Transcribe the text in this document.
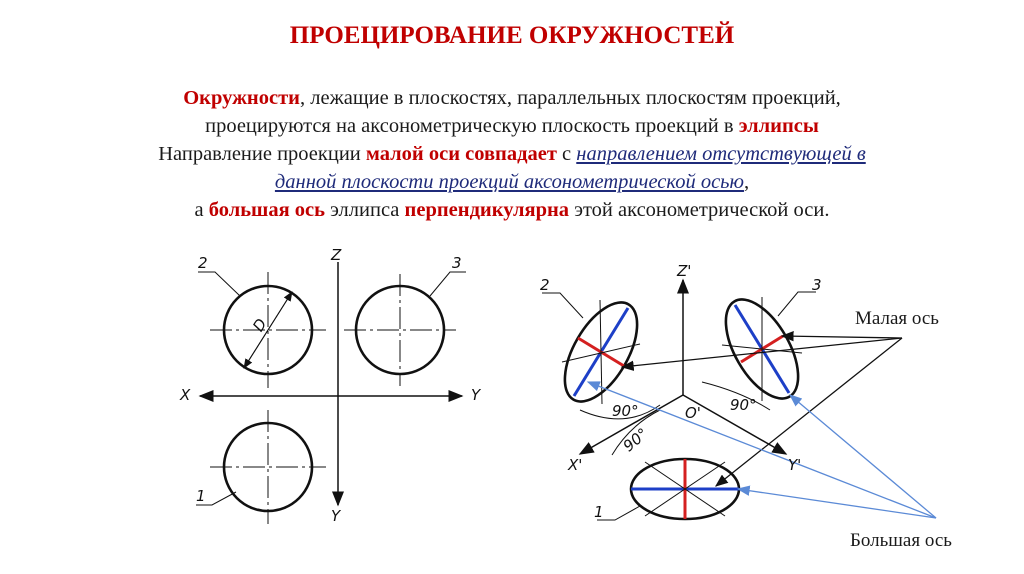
ПРОЕЦИРОВАНИЕ ОКРУЖНОСТЕЙ
Окружности, лежащие в плоскостях, параллельных плоскостям проекций,
проецируются на аксонометрическую плоскость проекций в эллипсы
Направление проекции малой оси совпадает с направлением отсутствующей в
данной плоскости проекций аксонометрической осью,
а большая ось эллипса перпендикулярна этой аксонометрической оси.
Z
X	Y
Y
2	3
1
D
Z'
X'	Y'
O'
2	3
1
90°	90°
90°
Малая ось
Большая ось
